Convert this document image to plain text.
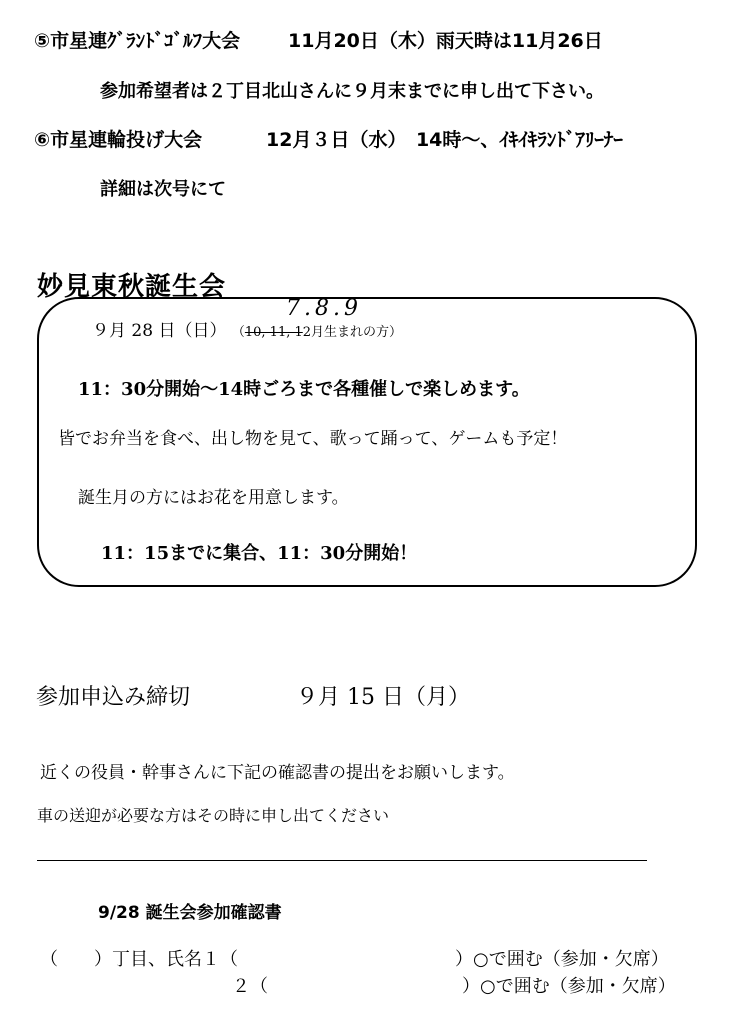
⑤市星連ｸﾞﾗﾝﾄﾞｺﾞﾙﾌ大会	11月20日（木）雨天時は11月26日
参加希望者は２丁目北山さんに９月末までに申し出て下さい。
⑥市星連輪投げ大会	12月３日（水）　14時～、ｲｷｲｷﾗﾝﾄﾞｱﾘｰﾅｰ
詳細は次号にて
妙見東秋誕生会
９月 28 日（日） （10, 11, 12月生まれの方）
7.8.9
11：30分開始～14時ごろまで各種催しで楽しめます。
皆でお弁当を食べ、出し物を見て、歌って踊って、ゲームも予定！
誕生月の方にはお花を用意します。
11：15までに集合、11：30分開始！
参加申込み締切	９月 15 日（月）
近くの役員・幹事さんに下記の確認書の提出をお願いします。
車の送迎が必要な方はその時に申し出てください
9/28 誕生会参加確認書
（　　）丁目、氏名１（	）○で囲む（参加・欠席）
２（	）○で囲む（参加・欠席）
